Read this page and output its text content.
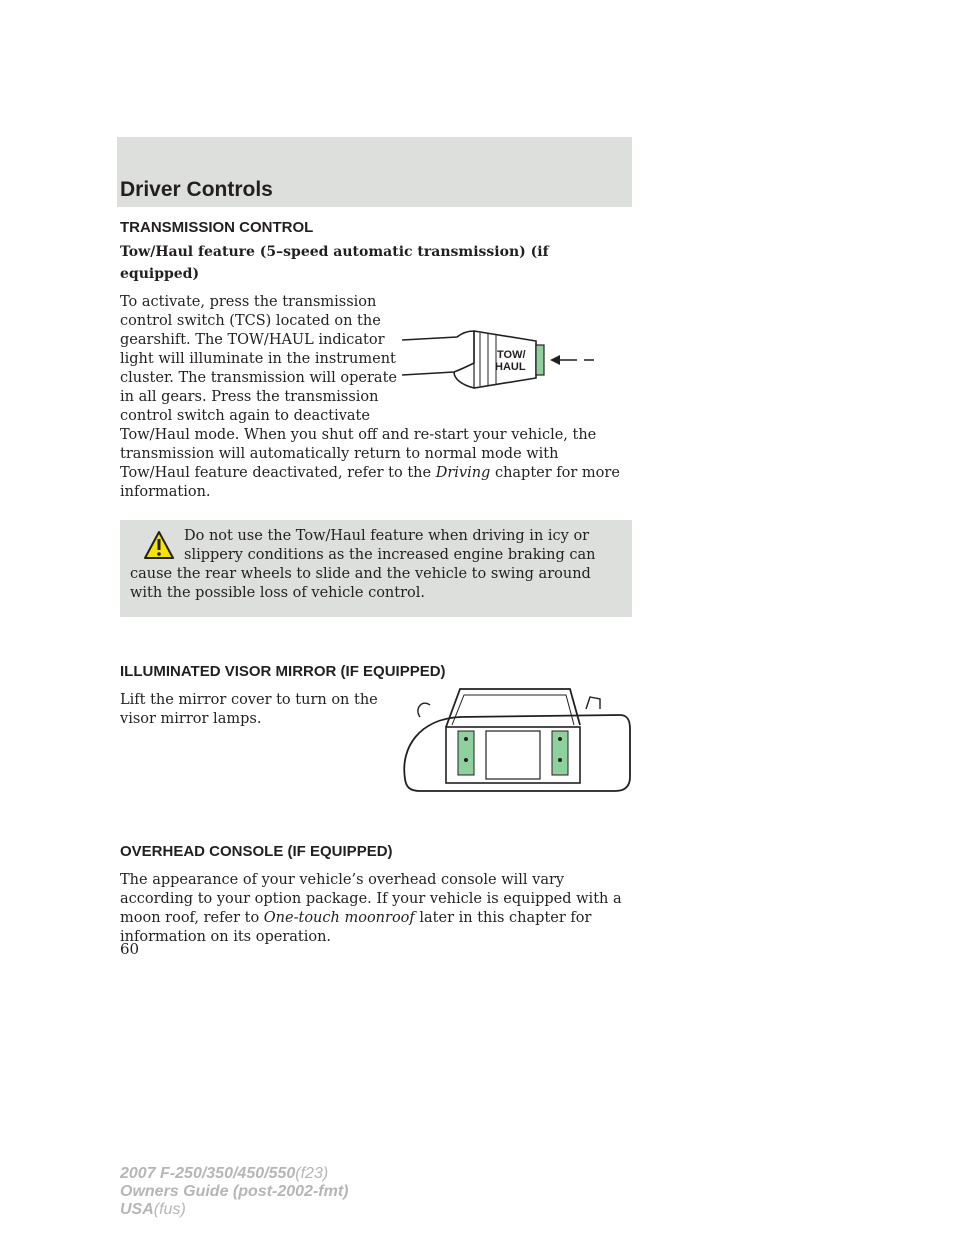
Driver Controls
TRANSMISSION CONTROL
Tow/Haul feature (5–speed automatic transmission) (if equipped)
TOW/
HAUL

To activate, press the transmission control switch (TCS) located on the gearshift. The TOW/HAUL indicator light will illuminate in the instrument cluster. The transmission will operate in all gears. Press the transmission control switch again to deactivate Tow/Haul mode. When you shut off and re-start your vehicle, the transmission will automatically return to normal mode with Tow/Haul feature deactivated, refer to the Driving chapter for more information.

Do not use the Tow/Haul feature when driving in icy or slippery conditions as the increased engine braking can cause the rear wheels to slide and the vehicle to swing around with the possible loss of vehicle control.
ILLUMINATED VISOR MIRROR (IF EQUIPPED)

Lift the mirror cover to turn on the visor mirror lamps.

OVERHEAD CONSOLE (IF EQUIPPED)

The appearance of your vehicle’s overhead console will vary according to your option package. If your vehicle is equipped with a moon roof, refer to One-touch moonroof later in this chapter for information on its operation.

60
2007 F-250/350/450/550(f23)
Owners Guide (post-2002-fmt)
USA(fus)
